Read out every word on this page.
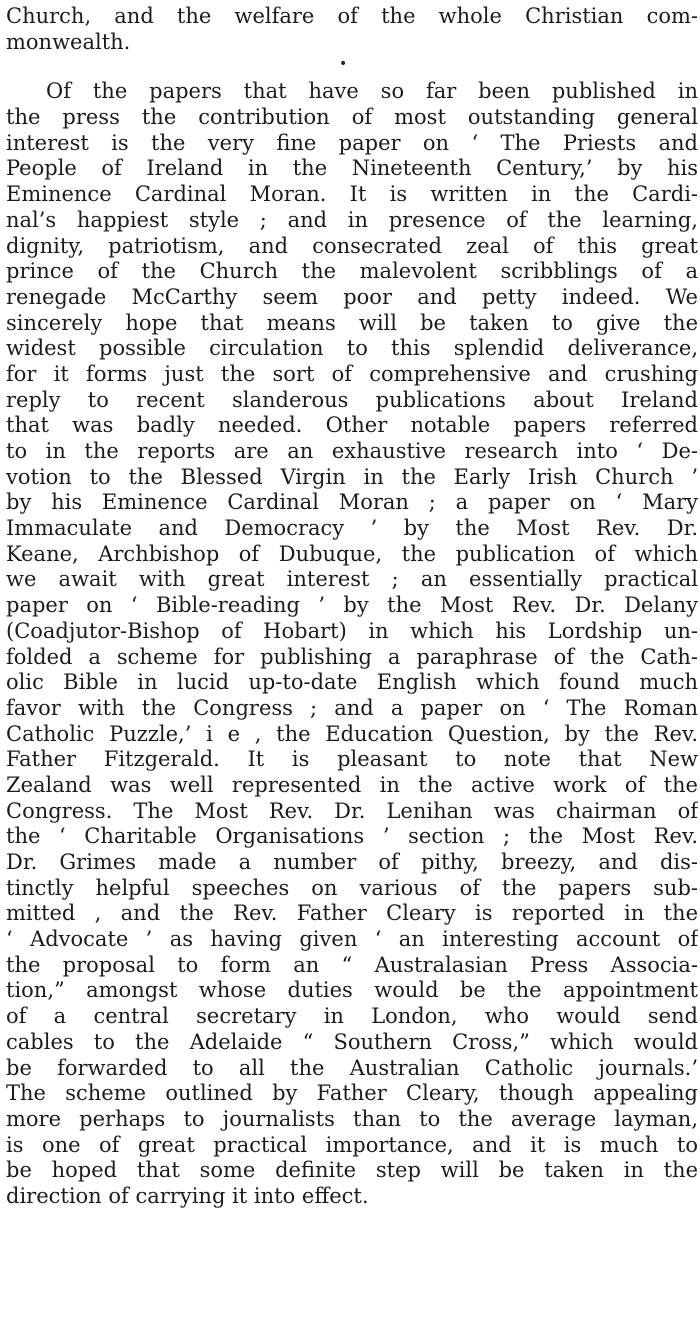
Church, and the welfare of the whole Christian com-
monwealth.
•
Of the papers that have so far been published in
the press the contribution of most outstanding general
interest is the very fine paper on ‘ The Priests and
People of Ireland in the Nineteenth Century,’ by his
Eminence Cardinal Moran. It is written in the Cardi-
nal’s happiest style ; and in presence of the learning,
dignity, patriotism, and consecrated zeal of this great
prince of the Church the malevolent scribblings of a
renegade McCarthy seem poor and petty indeed. We
sincerely hope that means will be taken to give the
widest possible circulation to this splendid deliverance,
for it forms just the sort of comprehensive and crushing
reply to recent slanderous publications about Ireland
that was badly needed. Other notable papers referred
to in the reports are an exhaustive research into ‘ De-
votion to the Blessed Virgin in the Early Irish Church ’
by his Eminence Cardinal Moran ; a paper on ‘ Mary
Immaculate and Democracy ’ by the Most Rev. Dr.
Keane, Archbishop of Dubuque, the publication of which
we await with great interest ; an essentially practical
paper on ‘ Bible-reading ’ by the Most Rev. Dr. Delany
(Coadjutor-Bishop of Hobart) in which his Lordship un-
folded a scheme for publishing a paraphrase of the Cath-
olic Bible in lucid up-to-date English which found much
favor with the Congress ; and a paper on ‘ The Roman
Catholic Puzzle,’ i e , the Education Question, by the Rev.
Father Fitzgerald. It is pleasant to note that New
Zealand was well represented in the active work of the
Congress. The Most Rev. Dr. Lenihan was chairman of
the ‘ Charitable Organisations ’ section ; the Most Rev.
Dr. Grimes made a number of pithy, breezy, and dis-
tinctly helpful speeches on various of the papers sub-
mitted , and the Rev. Father Cleary is reported in the
‘ Advocate ’ as having given ‘ an interesting account of
the proposal to form an “ Australasian Press Associa-
tion,” amongst whose duties would be the appointment
of a central secretary in London, who would send
cables to the Adelaide “ Southern Cross,” which would
be forwarded to all the Australian Catholic journals.’
The scheme outlined by Father Cleary, though appealing
more perhaps to journalists than to the average layman,
is one of great practical importance, and it is much to
be hoped that some definite step will be taken in the
direction of carrying it into effect.
